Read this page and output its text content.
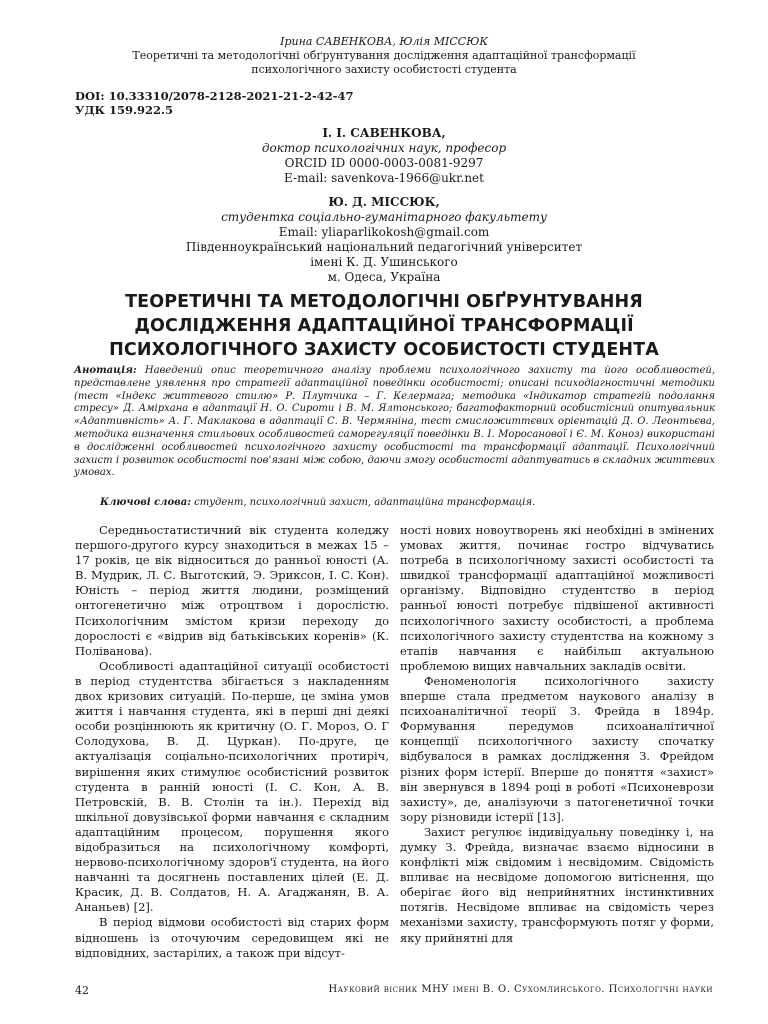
Ірина САВЕНКОВА, Юлія МІССЮК
Теоретичні та методологічні обґрунтування дослідження адаптаційної трансформації
психологічного захисту особистості студента
DOI: 10.33310/2078-2128-2021-21-2-42-47
УДК 159.922.5
І. І. САВЕНКОВА,
доктор психологічних наук, професор
ORCID ID 0000-0003-0081-9297
E-mail: savenkova-1966@ukr.net
Ю. Д. МІССЮК,
студентка соціально-гуманітарного факультету
Email: yliaparlikokosh@gmail.com
Південноукраїнський національний педагогічний університет
імені К. Д. Ушинського
м. Одеса, Україна
ТЕОРЕТИЧНІ ТА МЕТОДОЛОГІЧНІ ОБҐРУНТУВАННЯ
ДОСЛІДЖЕННЯ АДАПТАЦІЙНОЇ ТРАНСФОРМАЦІЇ
ПСИХОЛОГІЧНОГО ЗАХИСТУ ОСОБИСТОСТІ СТУДЕНТА
Анотація: Наведений опис теоретичного аналізу проблеми психологічного захисту та його особливостей, представлене уявлення про стратегії адаптаційної поведінки особистості; описані психодіагностичні методики (тест «Індекс життєвого стилю» Р. Плутчика – Г. Келермага; методика «Індикатор стратегій подолання стресу» Д. Амірхана в адаптації Н. О. Сироти і В. М. Ялтонського; багатофакторний особистісний опитувальник «Адаптивність» А. Г. Маклакова в адаптації С. В. Чермяніна, тест смисложиттєвих орієнтацій Д. О. Леонтьєва, методика визначення стильових особливостей саморегуляції поведінки В. І. Моросанової і Є. М. Коноз) використані в дослідженні особливостей психологічного захисту особистості та трансформації адаптації. Психологічний захист і розвиток особистості пов'язані між собою, даючи змогу особистості адаптуватись в складних життєвих умовах.
Ключові слова: студент, психологічний захист, адаптаційна трансформація.

Середньостатистичний вік студента коледжу першого-другого курсу знаходиться в межах 15 – 17 років, це вік відноситься до ранньої юності (А. В. Мудрик, Л. С. Выготский, Э. Эриксон, І. С. Кон). Юність – період життя людини, розміщений онтогенетично між отроцтвом і дорослістю. Психологічним змістом кризи переходу до дорослості є «відрив від батьківських коренів» (К. Поліванова).

Особливості адаптаційної ситуації особистості в період студентства збігається з накладенням двох кризових ситуацій. По-перше, це зміна умов життя і навчання студента, які в перші дні деякі особи розціннюють як критичну (О. Г. Мороз, О. Г Солодухова, В. Д. Цуркан). По-друге, це актуалізація соціально-психологічних протиріч, вирішення яких стимулює особистісний розвиток студента в ранній юності (І. С. Кон, А. В. Петровскій, В. В. Столін та ін.). Перехід від шкільної довузівської форми навчання є складним адаптаційним процесом, порушення якого відобразиться на психологічному комфорті, нервово-психологічному здоров'ї студента, на його навчанні та досягнень поставлених цілей (Е. Д. Красик, Д. В. Солдатов, Н. А. Агаджанян, В. А. Ананьев) [2].

В період відмови особистості від старих форм відношень із оточуючим середовищем які не відповідних, застарілих, а також при відсут-

ності нових новоутворень які необхідні в змінених умовах життя, починає гостро відчуватись потреба в психологічному захисті особистості та швидкої трансформації адаптаційної можливості організму. Відповідно студентство в період ранньої юності потребує підвішеної активності психологічного захисту особистості, а проблема психологічного захисту студентства на кожному з етапів навчання є найбільш актуальною проблемою вищих навчальних закладів освіти.

Феноменологія психологічного захисту вперше стала предметом наукового аналізу в психоаналітичної теорії З. Фрейда в 1894р. Формування передумов психоаналітичної концепції психологічного захисту спочатку відбувалося в рамках дослідження З. Фрейдом різних форм істерії. Вперше до поняття «захист» він звернувся в 1894 році в роботі «Психоневрози захисту», де, аналізуючи з патогенетичної точки зору різновиди істерії [13].

Захист регулює індивідуальну поведінку і, на думку З. Фрейда, визначає взаємо відносини в конфлікті між свідомим і несвідомим. Свідомість впливає на несвідоме допомогою витіснення, що оберігає його від неприйнятних інстинктивних потягів. Несвідоме впливає на свідомість через механізми захисту, трансформують потяг у форми, яку прийнятні для

42	Науковий вісник МНУ імені В. О. Сухомлинського. Психологічні науки
